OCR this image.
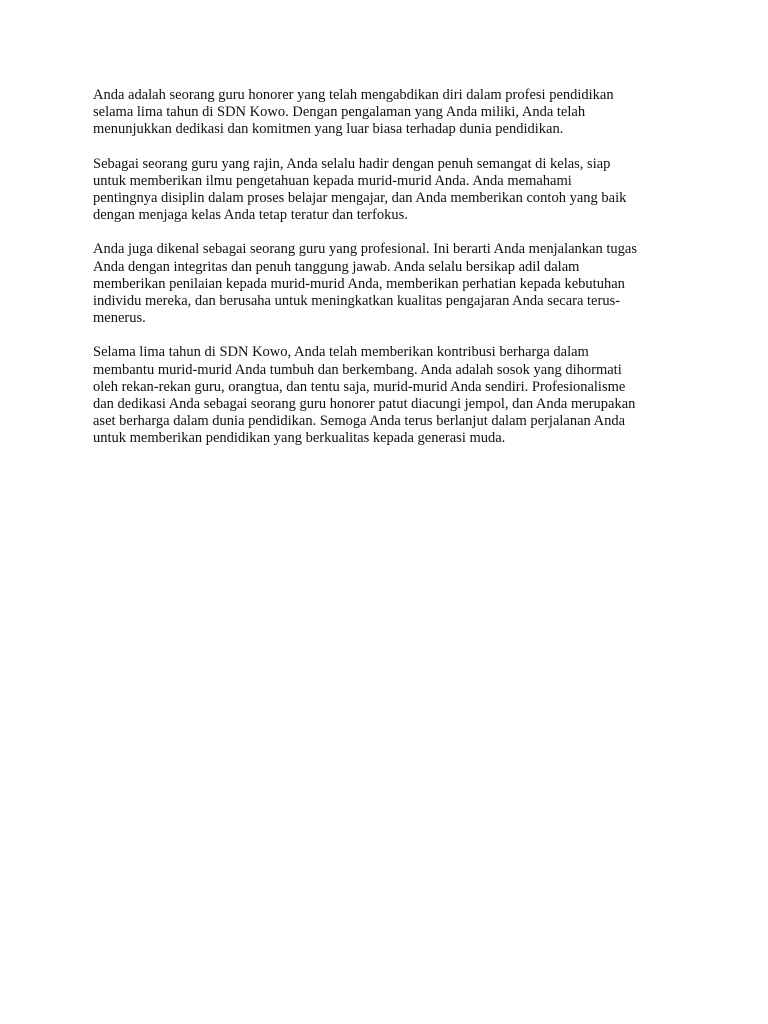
Anda adalah seorang guru honorer yang telah mengabdikan diri dalam profesi pendidikan
selama lima tahun di SDN Kowo. Dengan pengalaman yang Anda miliki, Anda telah
menunjukkan dedikasi dan komitmen yang luar biasa terhadap dunia pendidikan.

Sebagai seorang guru yang rajin, Anda selalu hadir dengan penuh semangat di kelas, siap
untuk memberikan ilmu pengetahuan kepada murid-murid Anda. Anda memahami
pentingnya disiplin dalam proses belajar mengajar, dan Anda memberikan contoh yang baik
dengan menjaga kelas Anda tetap teratur dan terfokus.

Anda juga dikenal sebagai seorang guru yang profesional. Ini berarti Anda menjalankan tugas
Anda dengan integritas dan penuh tanggung jawab. Anda selalu bersikap adil dalam
memberikan penilaian kepada murid-murid Anda, memberikan perhatian kepada kebutuhan
individu mereka, dan berusaha untuk meningkatkan kualitas pengajaran Anda secara terus-
menerus.

Selama lima tahun di SDN Kowo, Anda telah memberikan kontribusi berharga dalam
membantu murid-murid Anda tumbuh dan berkembang. Anda adalah sosok yang dihormati
oleh rekan-rekan guru, orangtua, dan tentu saja, murid-murid Anda sendiri. Profesionalisme
dan dedikasi Anda sebagai seorang guru honorer patut diacungi jempol, dan Anda merupakan
aset berharga dalam dunia pendidikan. Semoga Anda terus berlanjut dalam perjalanan Anda
untuk memberikan pendidikan yang berkualitas kepada generasi muda.
